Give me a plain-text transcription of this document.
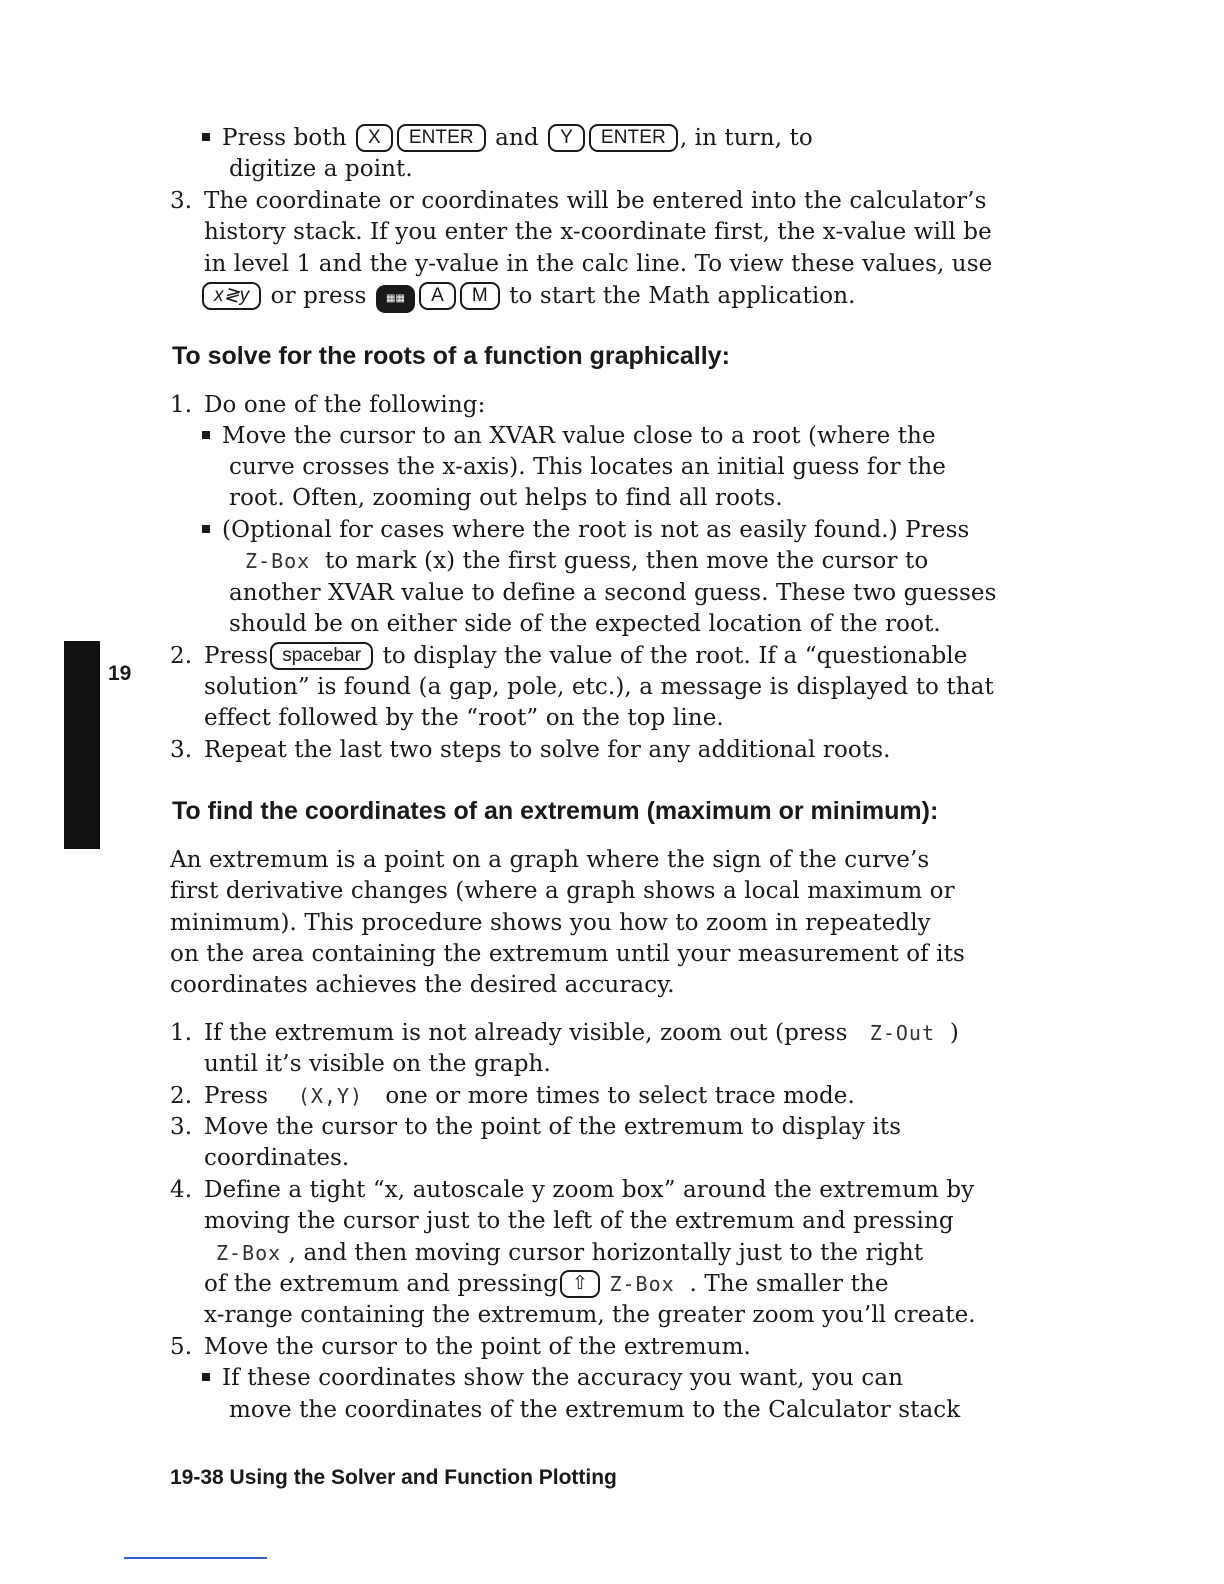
19
Press both X ENTER and Y ENTER , in turn, to
digitize a point.
3. The coordinate or coordinates will be entered into the calculator’s
history stack. If you enter the x-coordinate first, the x-value will be
in level 1 and the y-value in the calc line. To view these values, use
x≷y or press ▦▦ A M to start the Math application.
To solve for the roots of a function graphically:
1. Do one of the following:
Move the cursor to an XVAR value close to a root (where the
curve crosses the x-axis). This locates an initial guess for the
root. Often, zooming out helps to find all roots.
(Optional for cases where the root is not as easily found.) Press
Z-Box to mark (x) the first guess, then move the cursor to
another XVAR value to define a second guess. These two guesses
should be on either side of the expected location of the root.
2. Press spacebar to display the value of the root. If a “questionable
solution” is found (a gap, pole, etc.), a message is displayed to that
effect followed by the “root” on the top line.
3. Repeat the last two steps to solve for any additional roots.
To find the coordinates of an extremum (maximum or minimum):
An extremum is a point on a graph where the sign of the curve’s
first derivative changes (where a graph shows a local maximum or
minimum). This procedure shows you how to zoom in repeatedly
on the area containing the extremum until your measurement of its
coordinates achieves the desired accuracy.
1. If the extremum is not already visible, zoom out (press Z-Out )
until it’s visible on the graph.
2. Press (X,Y) one or more times to select trace mode.
3. Move the cursor to the point of the extremum to display its
coordinates.
4. Define a tight “x, autoscale y zoom box” around the extremum by
moving the cursor just to the left of the extremum and pressing
Z-Box , and then moving cursor horizontally just to the right
of the extremum and pressing ⇧ Z-Box . The smaller the
x-range containing the extremum, the greater zoom you’ll create.
5. Move the cursor to the point of the extremum.
If these coordinates show the accuracy you want, you can
move the coordinates of the extremum to the Calculator stack
19-38 Using the Solver and Function Plotting
